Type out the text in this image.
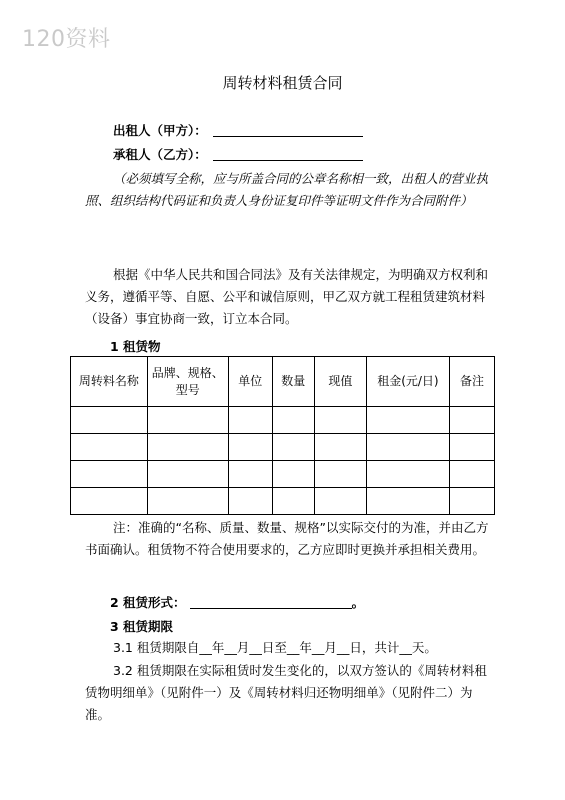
120资料
周转材料租赁合同
出租人（甲方）：
承租人（乙方）：
（必须填写全称，应与所盖合同的公章名称相一致，出租人的营业执照、组织结构代码证和负责人身份证复印件等证明文件作为合同附件）
根据《中华人民共和国合同法》及有关法律规定，为明确双方权利和义务，遵循平等、自愿、公平和诚信原则，甲乙双方就工程租赁建筑材料（设备）事宜协商一致，订立本合同。
1 租赁物
周转料名称	品牌、规格、型号	单位	数量	现值	租金(元/日)	备注

注：准确的“名称、质量、数量、规格”以实际交付的为准，并由乙方书面确认。租赁物不符合使用要求的，乙方应即时更换并承担相关费用。
2 租赁形式：	。
3 租赁期限
3.1 租赁期限自__年__月__日至__年__月__日，共计__天。
3.2 租赁期限在实际租赁时发生变化的，以双方签认的《周转材料租赁物明细单》（见附件一）及《周转材料归还物明细单》（见附件二）为准。
